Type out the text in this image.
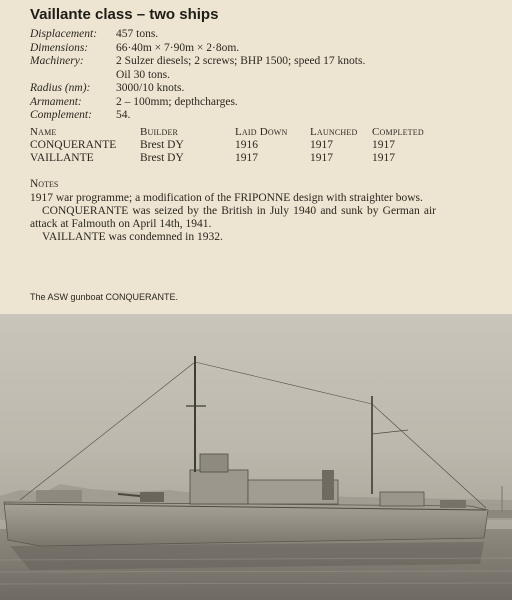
Vaillante class – two ships
Displacement:	457 tons.
Dimensions:	66·40m × 7·90m × 2·8om.
Machinery:	2 Sulzer diesels; 2 screws; BHP 1500; speed 17 knots.
Oil 30 tons.
Radius (nm):	3000/10 knots.
Armament:	2 – 100mm; depthcharges.
Complement:	54.
Name	Builder	Laid Down	Launched	Completed
CONQUERANTE	Brest DY	1916	1917	1917
VAILLANTE	Brest DY	1917	1917	1917
Notes

1917 war programme; a modification of the FRIPONNE design with straighter bows.

CONQUERANTE was seized by the British in July 1940 and sunk by German air attack at Falmouth on April 14th, 1941.

VAILLANTE was condemned in 1932.

The ASW gunboat CONQUERANTE.
